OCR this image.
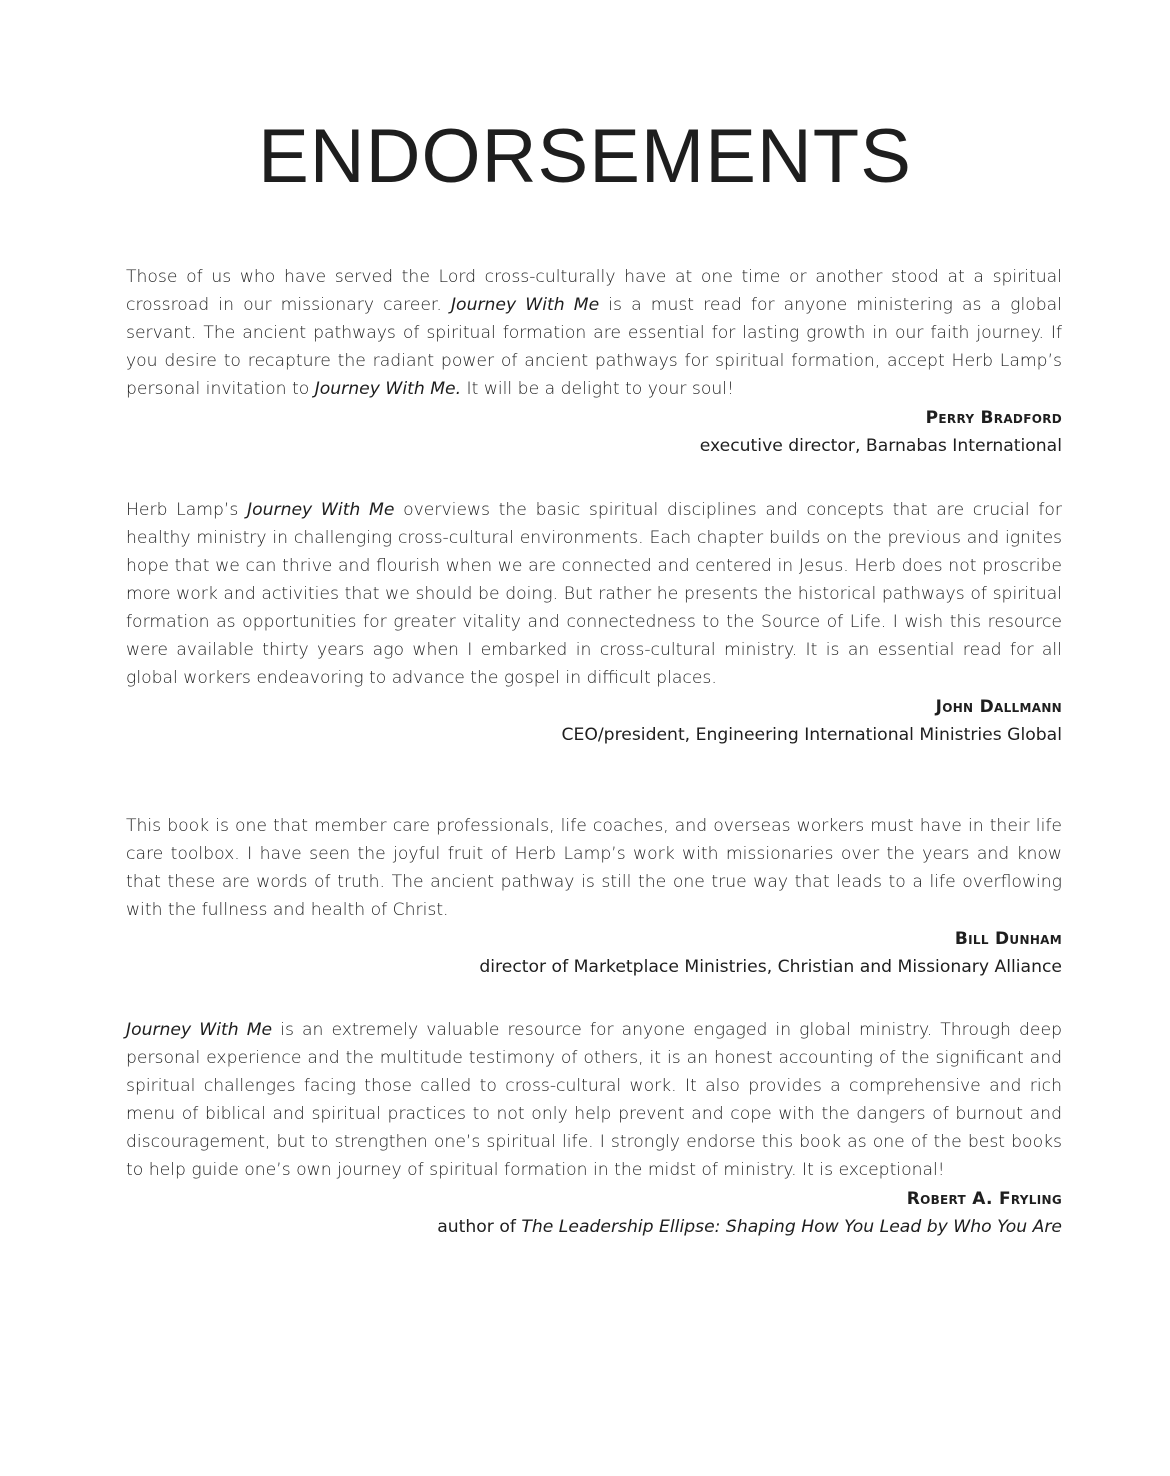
ENDORSEMENTS

Those of us who have served the Lord cross-culturally have at one time or another stood at a spiritual crossroad in our missionary career. Journey With Me is a must read for anyone ministering as a global servant. The ancient pathways of spiritual formation are essential for lasting growth in our faith journey. If you desire to recapture the radiant power of ancient pathways for spiritual formation, accept Herb Lamp’s personal invitation to Journey With Me. It will be a delight to your soul!

Perry Bradford

executive director, Barnabas International

Herb Lamp’s Journey With Me overviews the basic spiritual disciplines and concepts that are crucial for healthy ministry in challenging cross-cultural environments. Each chapter builds on the previous and ignites hope that we can thrive and flourish when we are connected and centered in Jesus. Herb does not proscribe more work and activities that we should be doing. But rather he presents the historical pathways of spiritual formation as opportunities for greater vitality and connectedness to the Source of Life. I wish this resource were available thirty years ago when I embarked in cross-cultural ministry. It is an essential read for all global workers endeavoring to advance the gospel in difficult places.

John Dallmann

CEO/president, Engineering International Ministries Global

This book is one that member care professionals, life coaches, and overseas workers must have in their life care toolbox. I have seen the joyful fruit of Herb Lamp’s work with missionaries over the years and know that these are words of truth. The ancient pathway is still the one true way that leads to a life overflowing with the fullness and health of Christ.

Bill Dunham

director of Marketplace Ministries, Christian and Missionary Alliance

Journey With Me is an extremely valuable resource for anyone engaged in global ministry. Through deep personal experience and the multitude testimony of others, it is an honest accounting of the significant and spiritual challenges facing those called to cross-cultural work. It also provides a comprehensive and rich menu of biblical and spiritual practices to not only help prevent and cope with the dangers of burnout and discouragement, but to strengthen one’s spiritual life. I strongly endorse this book as one of the best books to help guide one’s own journey of spiritual formation in the midst of ministry. It is exceptional!

Robert A. Fryling

author of The Leadership Ellipse: Shaping How You Lead by Who You Are
